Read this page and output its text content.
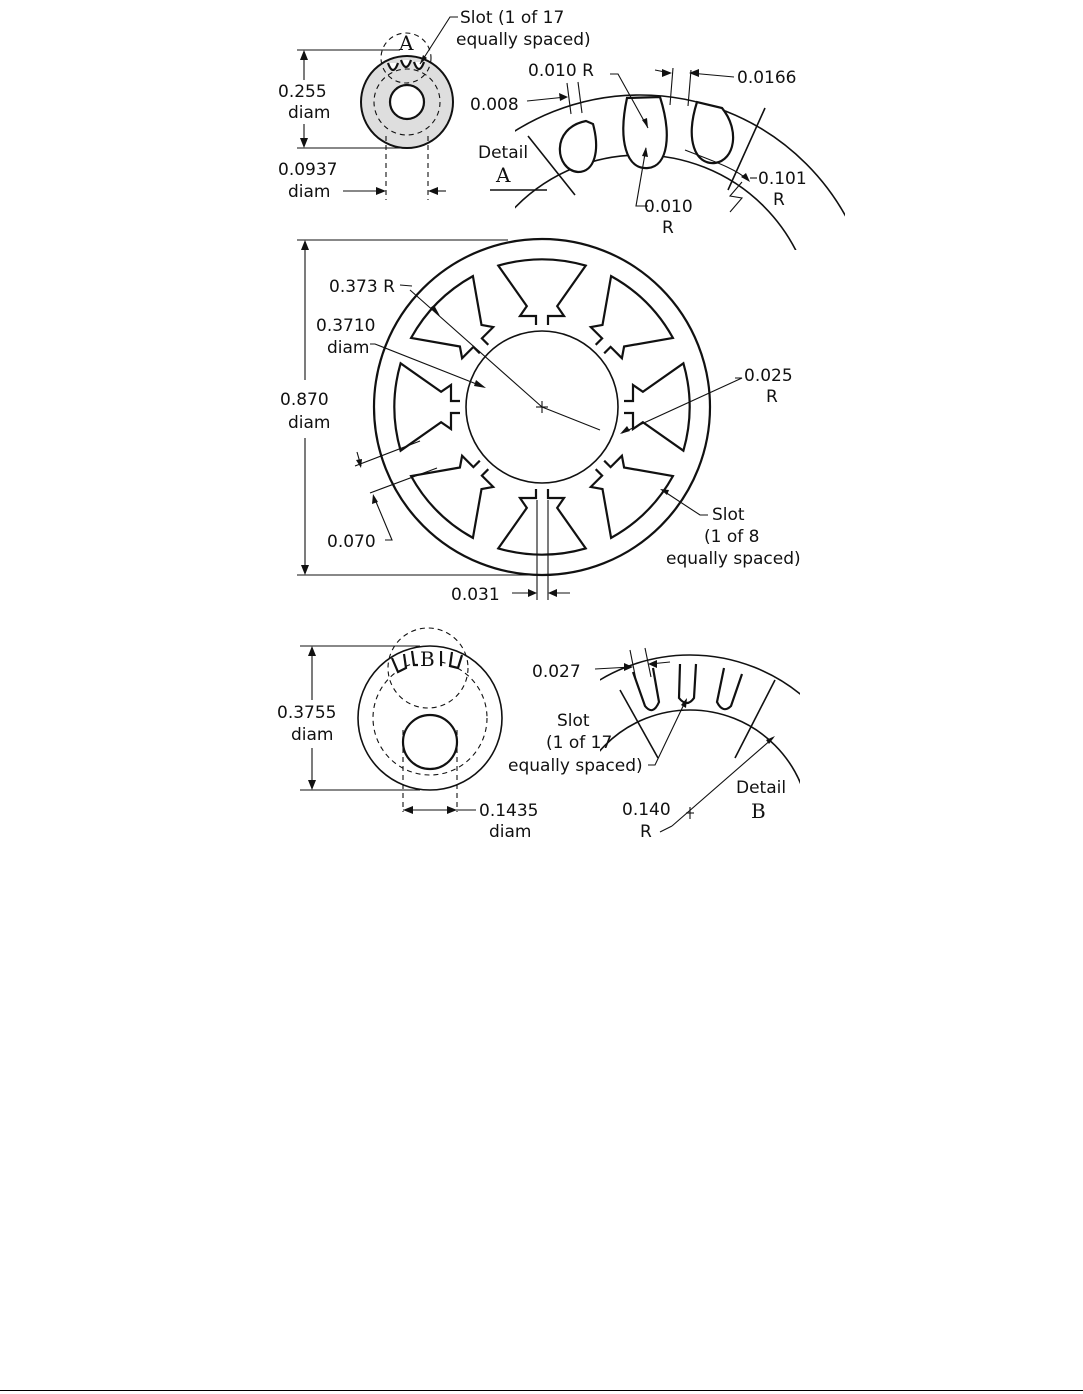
A
Slot (1 of 17
equally spaced)
0.255
diam
0.0937
diam
0.010 R
0.008
0.0166
0.101
R
0.010
R
Detail
A
0.373 R
0.3710
diam
0.025
R
0.870
diam
0.070
0.031
Slot
(1 of 8
equally spaced)
B
0.3755
diam
0.1435
diam
0.027
Slot
(1 of 17
equally spaced)
0.140
R
Detail
B
